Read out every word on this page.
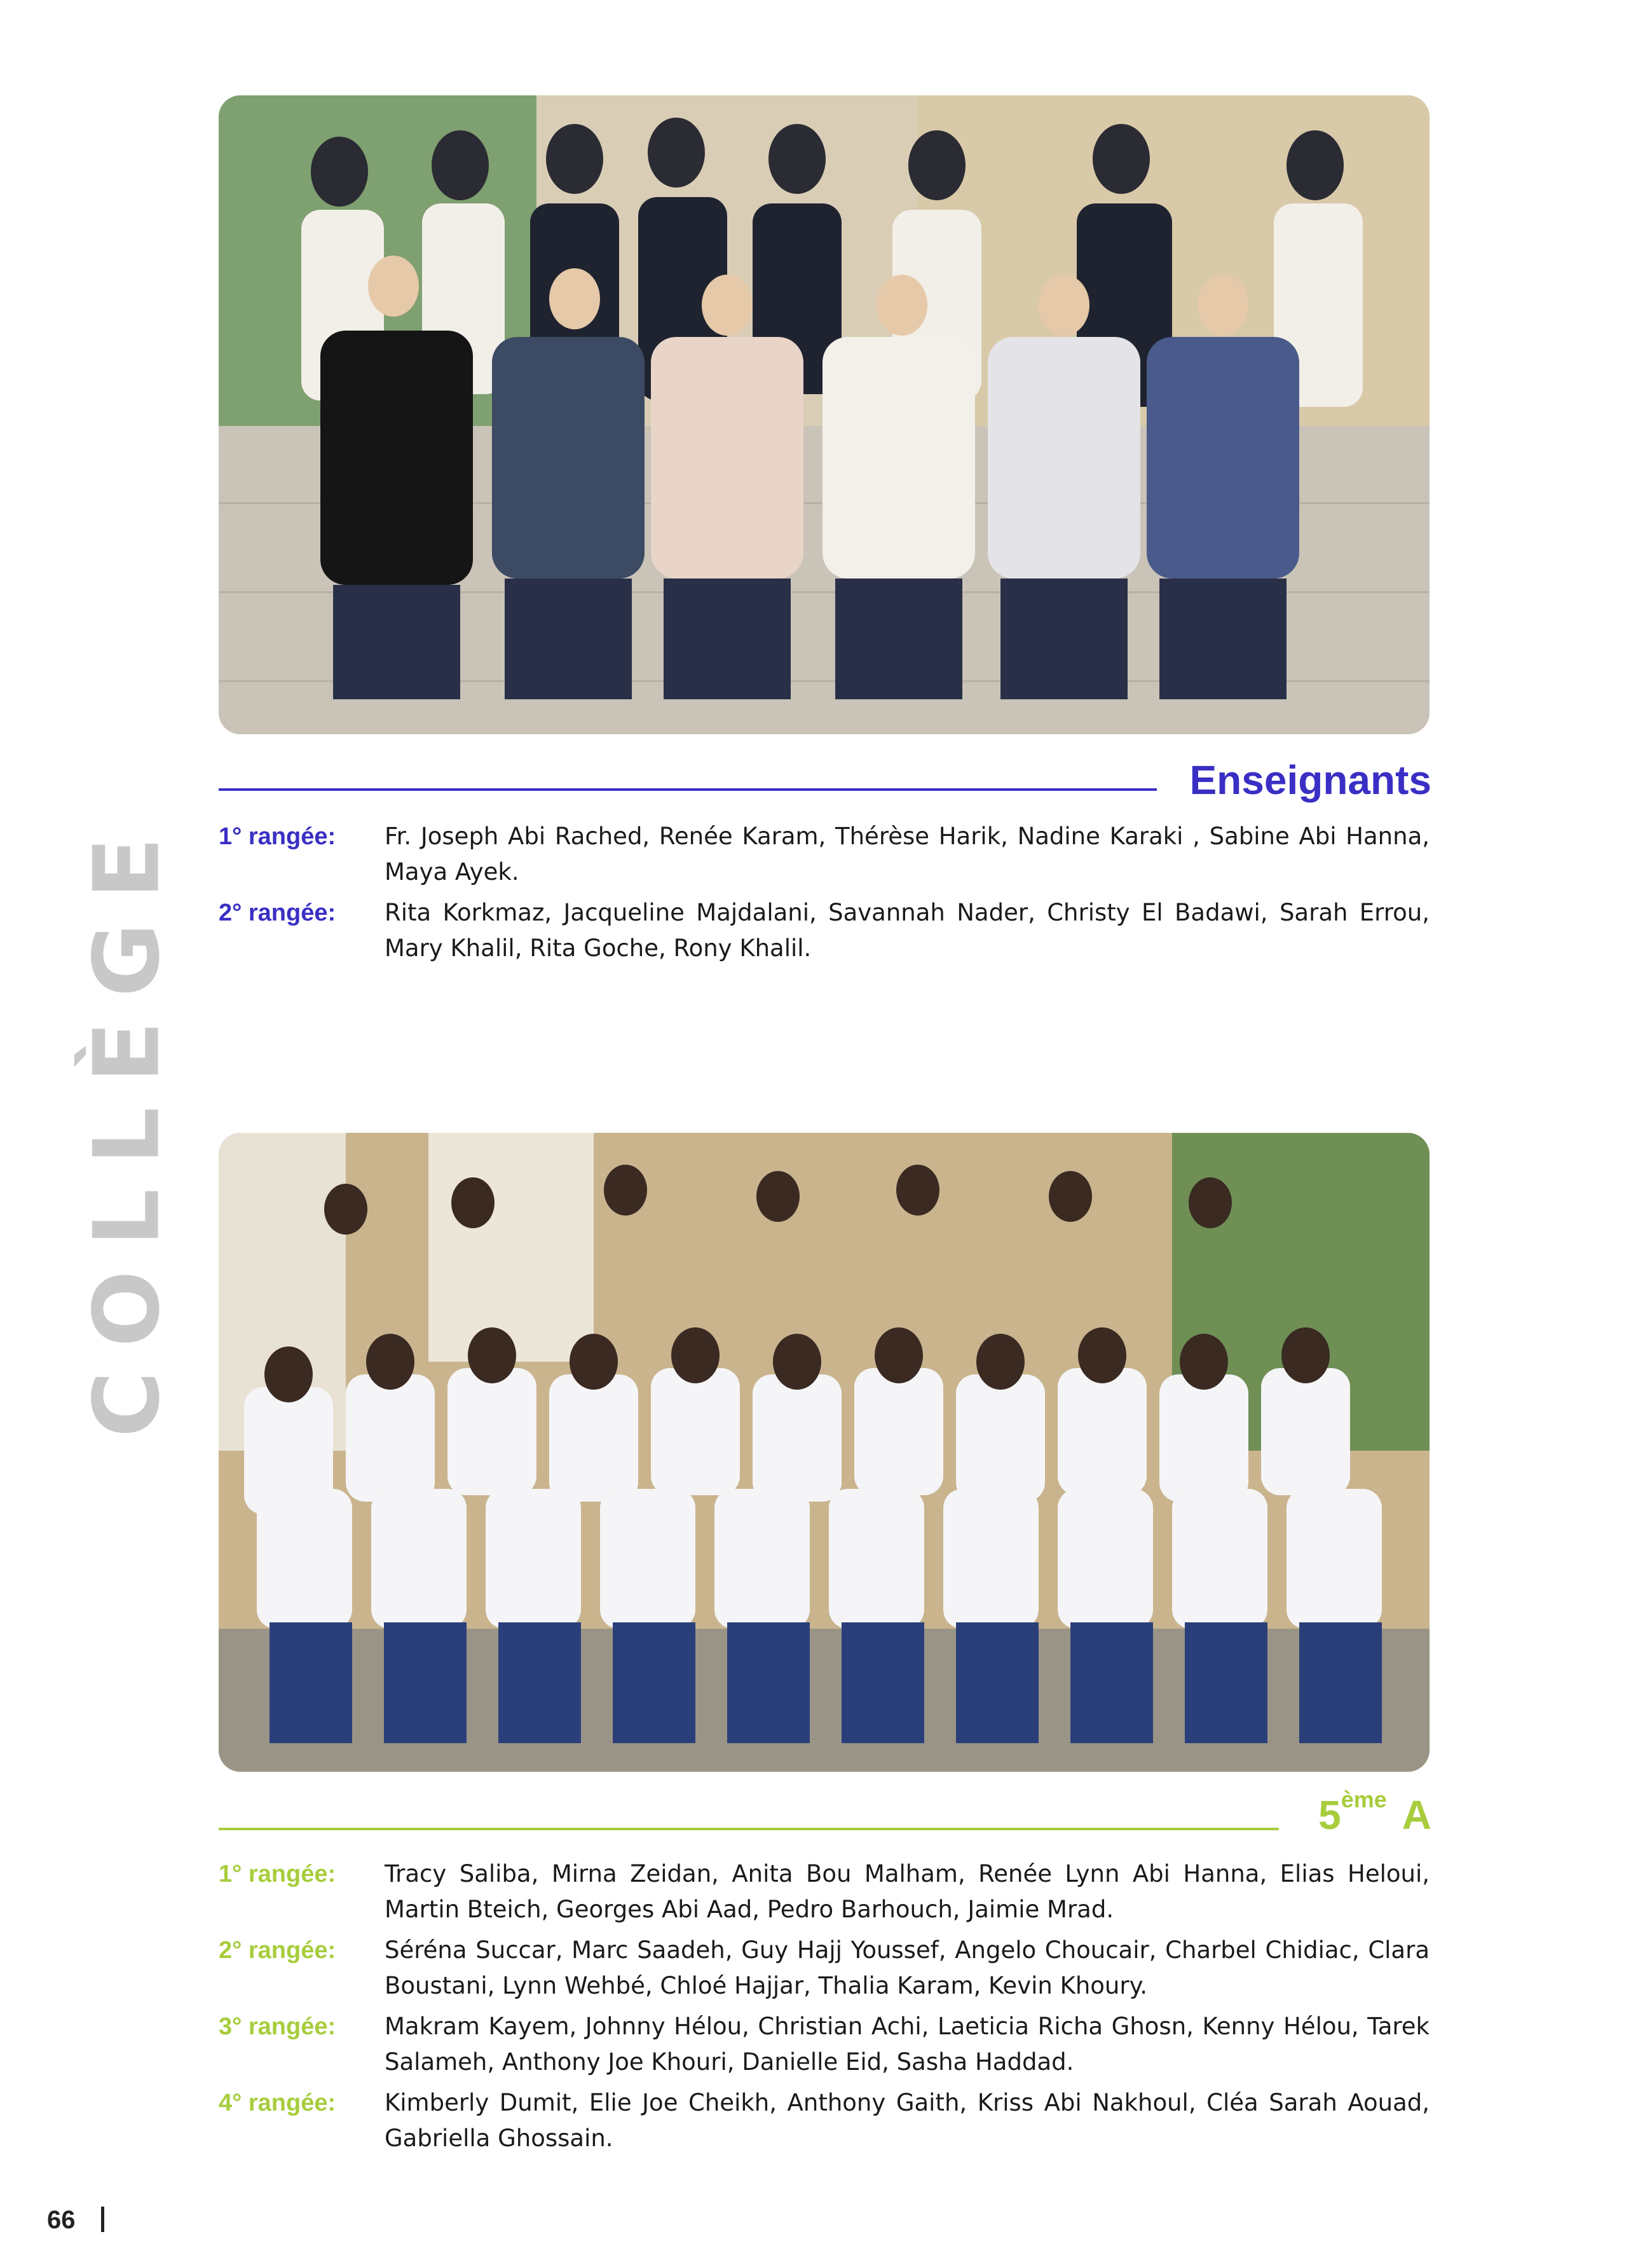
COLLÈGE
Enseignants
1° rangée:	Fr. Joseph Abi Rached, Renée Karam, Thérèse Harik, Nadine Karaki , Sabine Abi Hanna, Maya Ayek.
2° rangée:	Rita Korkmaz, Jacqueline Majdalani, Savannah Nader, Christy El Badawi, Sarah Errou, Mary Khalil, Rita Goche, Rony Khalil.
5ème A
1° rangée:	Tracy Saliba, Mirna Zeidan, Anita Bou Malham, Renée Lynn Abi Hanna, Elias Heloui, Martin Bteich, Georges Abi Aad, Pedro Barhouch, Jaimie Mrad.
2° rangée:	Séréna Succar, Marc Saadeh, Guy Hajj Youssef, Angelo Choucair, Charbel Chidiac, Clara Boustani, Lynn Wehbé, Chloé Hajjar, Thalia Karam, Kevin Khoury.
3° rangée:	Makram Kayem, Johnny Hélou, Christian Achi, Laeticia Richa Ghosn, Kenny Hélou, Tarek Salameh, Anthony Joe Khouri, Danielle Eid, Sasha Haddad.
4° rangée:	Kimberly Dumit, Elie Joe Cheikh, Anthony Gaith, Kriss Abi Nakhoul, Cléa Sarah Aouad, Gabriella Ghossain.
66
